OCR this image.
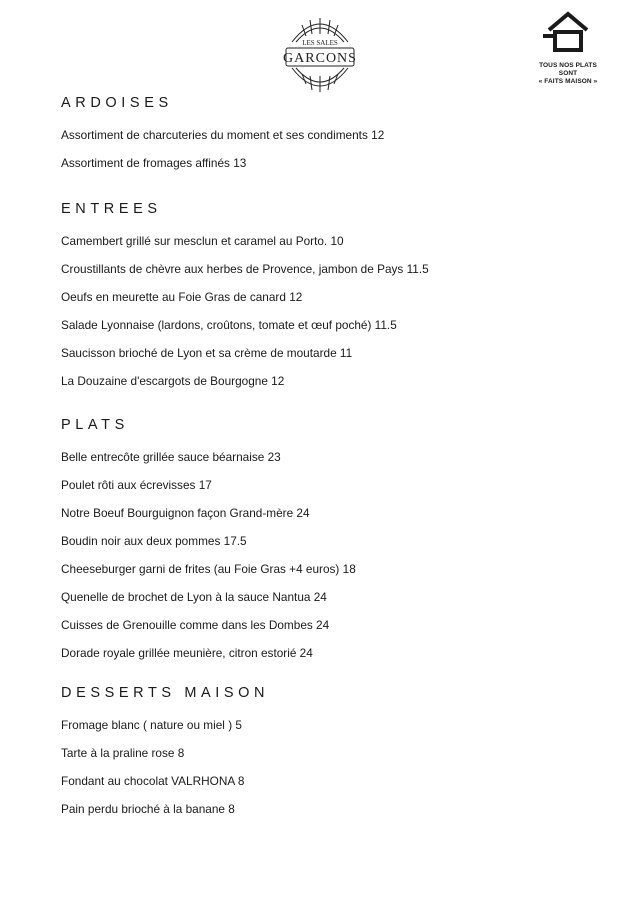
LES SALES
GARCONS	TOUS NOS PLATS
SONT
« FAITS MAISON »
ARDOISES
Assortiment de charcuteries du moment et ses condiments 12
Assortiment de fromages affinés 13
ENTREES
Camembert grillé sur mesclun et caramel au Porto. 10
Croustillants de chèvre aux herbes de Provence, jambon de Pays 11.5
Oeufs en meurette au Foie Gras de canard 12
Salade Lyonnaise (lardons, croûtons, tomate et œuf poché) 11.5
Saucisson brioché de Lyon et sa crème de moutarde 11
La Douzaine d'escargots de Bourgogne 12
PLATS
Belle entrecôte grillée sauce béarnaise 23
Poulet rôti aux écrevisses 17
Notre Boeuf Bourguignon façon Grand-mère 24
Boudin noir aux deux pommes 17.5
Cheeseburger garni de frites (au Foie Gras +4 euros) 18
Quenelle de brochet de Lyon à la sauce Nantua 24
Cuisses de Grenouille comme dans les Dombes 24
Dorade royale grillée meunière, citron estorié 24
DESSERTS MAISON
Fromage blanc ( nature ou miel ) 5
Tarte à la praline rose 8
Fondant au chocolat VALRHONA 8
Pain perdu brioché à la banane 8
